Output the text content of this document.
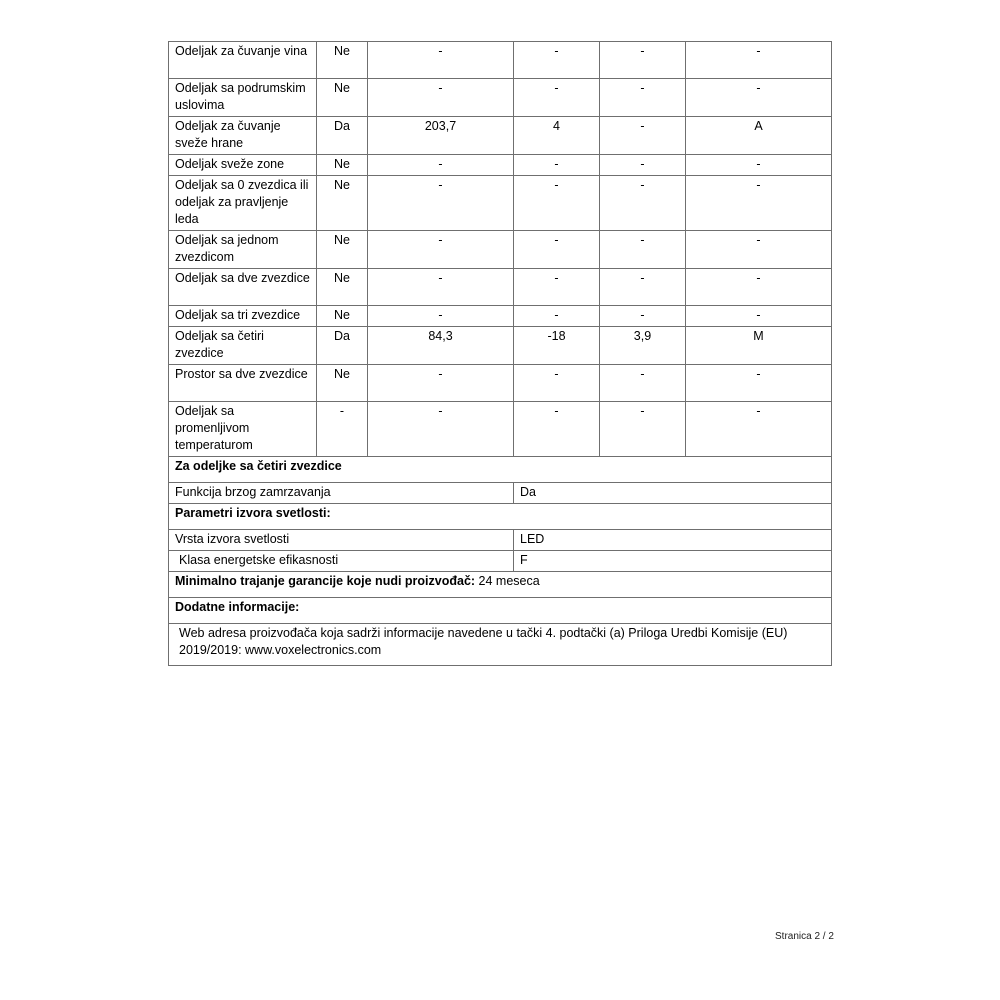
Odeljak za čuvanje vina	Ne	-	-	-	-
Odeljak sa podrumskim uslovima	Ne	-	-	-	-
Odeljak za čuvanje sveže hrane	Da	203,7	4	-	A
Odeljak sveže zone	Ne	-	-	-	-
Odeljak sa 0 zvezdica ili odeljak za pravljenje leda	Ne	-	-	-	-
Odeljak sa jednom zvezdicom	Ne	-	-	-	-
Odeljak sa dve zvezdice	Ne	-	-	-	-
Odeljak sa tri zvezdice	Ne	-	-	-	-
Odeljak sa četiri zvezdice	Da	84,3	-18	3,9	M
Prostor sa dve zvezdice	Ne	-	-	-	-
Odeljak sa promenljivom temperaturom	-	-	-	-	-
Za odeljke sa četiri zvezdice					
Funkcija brzog zamrzavanja			Da		
Parametri izvora svetlosti:					
Vrsta izvora svetlosti			LED		
Klasa energetske efikasnosti			F		
Minimalno trajanje garancije koje nudi proizvođač: 24 meseca					
Dodatne informacije:					
Web adresa proizvođača koja sadrži informacije navedene u tački 4. podtački (a) Priloga Uredbi Komisije (EU) 2019/2019: www.voxelectronics.com					
Stranica 2 / 2
